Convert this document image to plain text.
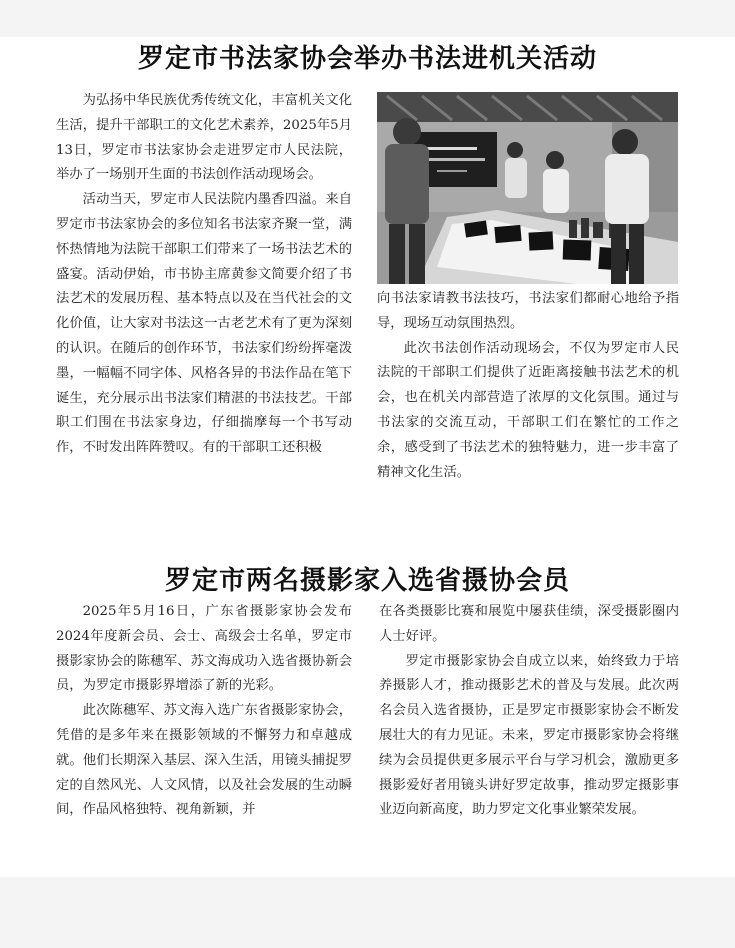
罗定市书法家协会举办书法进机关活动

为弘扬中华民族优秀传统文化，丰富机关文化生活，提升干部职工的文化艺术素养，2025年5月13日，罗定市书法家协会走进罗定市人民法院，举办了一场别开生面的书法创作活动现场会。

活动当天，罗定市人民法院内墨香四溢。来自罗定市书法家协会的多位知名书法家齐聚一堂，满怀热情地为法院干部职工们带来了一场书法艺术的盛宴。活动伊始，市书协主席黄参文简要介绍了书法艺术的发展历程、基本特点以及在当代社会的文化价值，让大家对书法这一古老艺术有了更为深刻的认识。在随后的创作环节，书法家们纷纷挥毫泼墨，一幅幅不同字体、风格各异的书法作品在笔下诞生，充分展示出书法家们精湛的书法技艺。干部职工们围在书法家身边，仔细揣摩每一个书写动作，不时发出阵阵赞叹。有的干部职工还积极

向书法家请教书法技巧，书法家们都耐心地给予指导，现场互动氛围热烈。

此次书法创作活动现场会，不仅为罗定市人民法院的干部职工们提供了近距离接触书法艺术的机会，也在机关内部营造了浓厚的文化氛围。通过与书法家的交流互动，干部职工们在繁忙的工作之余，感受到了书法艺术的独特魅力，进一步丰富了精神文化生活。

罗定市两名摄影家入选省摄协会员

2025年5月16日，广东省摄影家协会发布2024年度新会员、会士、高级会士名单，罗定市摄影家协会的陈穗军、苏文海成功入选省摄协新会员，为罗定市摄影界增添了新的光彩。

此次陈穗军、苏文海入选广东省摄影家协会，凭借的是多年来在摄影领域的不懈努力和卓越成就。他们长期深入基层、深入生活，用镜头捕捉罗定的自然风光、人文风情，以及社会发展的生动瞬间，作品风格独特、视角新颖，并

在各类摄影比赛和展览中屡获佳绩，深受摄影圈内人士好评。

罗定市摄影家协会自成立以来，始终致力于培养摄影人才，推动摄影艺术的普及与发展。此次两名会员入选省摄协，正是罗定市摄影家协会不断发展壮大的有力见证。未来，罗定市摄影家协会将继续为会员提供更多展示平台与学习机会，激励更多摄影爱好者用镜头讲好罗定故事，推动罗定摄影事业迈向新高度，助力罗定文化事业繁荣发展。
